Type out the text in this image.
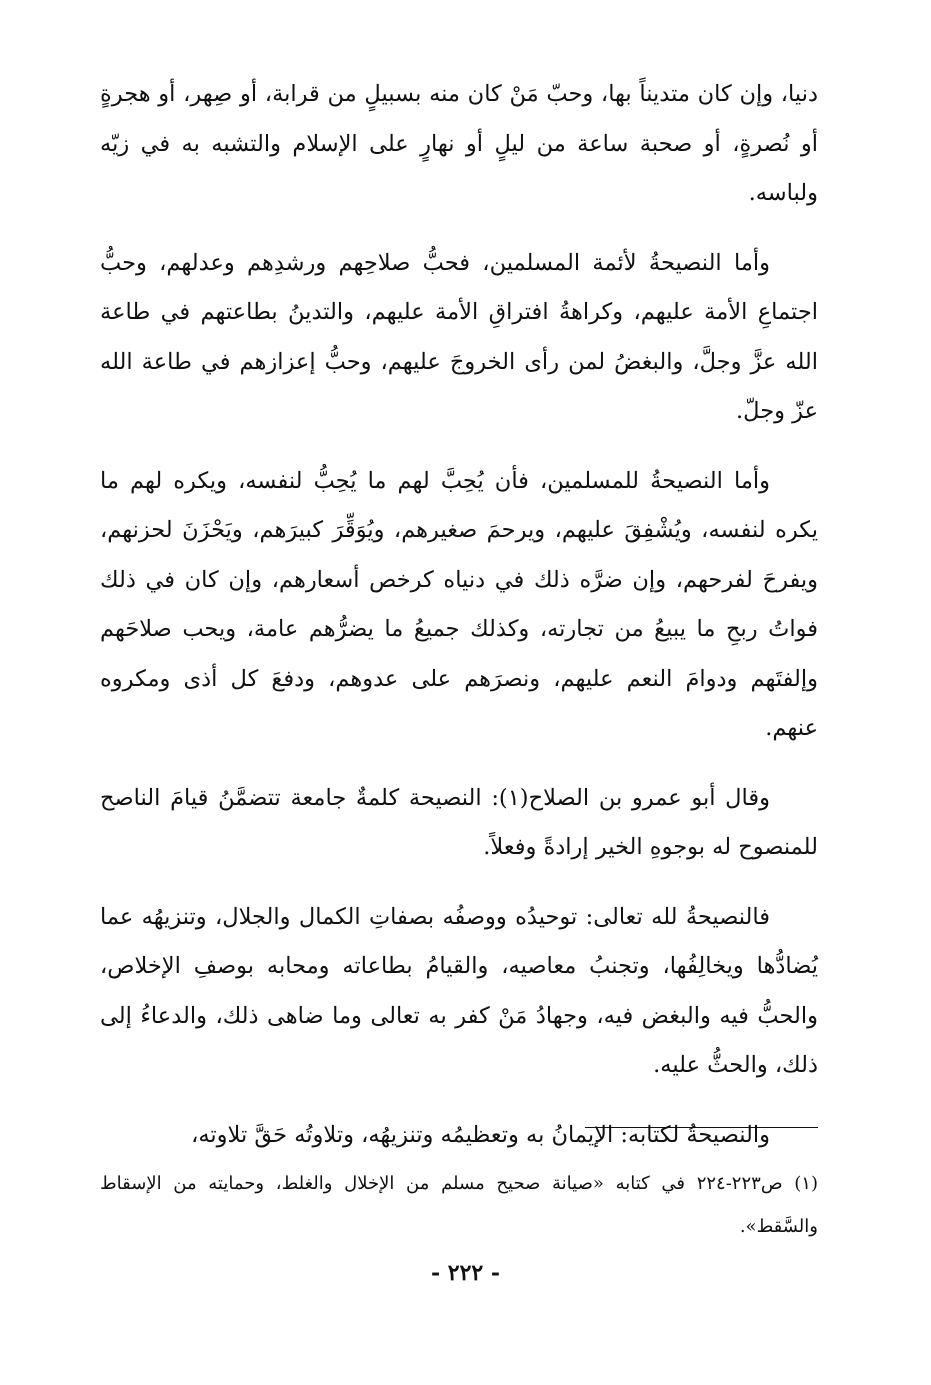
دنيا، وإن كان متديناً بها، وحبّ مَنْ كان منه بسبيلٍ من قرابة، أو صِهر، أو هجرةٍ أو نُصرةٍ، أو صحبة ساعة من ليلٍ أو نهارٍ على الإسلام والتشبه به في زيّه ولباسه.

وأما النصيحةُ لأئمة المسلمين، فحبُّ صلاحِهم ورشدِهم وعدلهم، وحبُّ اجتماعِ الأمة عليهم، وكراهةُ افتراقِ الأمة عليهم، والتدينُ بطاعتهم في طاعة الله عزَّ وجلَّ، والبغضُ لمن رأى الخروجَ عليهم، وحبُّ إعزازهم في طاعة الله عزّ وجلّ.

وأما النصيحةُ للمسلمين، فأن يُحِبَّ لهم ما يُحِبُّ لنفسه، ويكره لهم ما يكره لنفسه، ويُشْفِقَ عليهم، ويرحمَ صغيرهم، ويُوَقِّرَ كبيرَهم، ويَحْزَنَ لحزنهم، ويفرحَ لفرحهم، وإن ضرَّه ذلك في دنياه كرخص أسعارهم، وإن كان في ذلك فواتُ ربحِ ما يبيعُ من تجارته، وكذلك جميعُ ما يضرُّهم عامة، ويحب صلاحَهم وإلفتَهم ودوامَ النعم عليهم، ونصرَهم على عدوهم، ودفعَ كل أذى ومكروه عنهم.

وقال أبو عمرو بن الصلاح(١): النصيحة كلمةٌ جامعة تتضمَّنُ قيامَ الناصح للمنصوح له بوجوهِ الخير إرادةً وفعلاً.

فالنصيحةُ لله تعالى: توحيدُه ووصفُه بصفاتِ الكمال والجلال، وتنزيهُه عما يُضادُّها ويخالِفُها، وتجنبُ معاصيه، والقيامُ بطاعاته ومحابه بوصفِ الإخلاص، والحبُّ فيه والبغض فيه، وجهادُ مَنْ كفر به تعالى وما ضاهى ذلك، والدعاءُ إلى ذلك، والحثُّ عليه.

والنصيحةُ لكتابه: الإيمانُ به وتعظيمُه وتنزيهُه، وتلاوتُه حَقَّ تلاوته،

(١) ص٢٢٣-٢٢٤ في كتابه «صيانة صحيح مسلم من الإخلال والغلط، وحمايته من الإسقاط والسَّقط».

- ٢٢٢ -
